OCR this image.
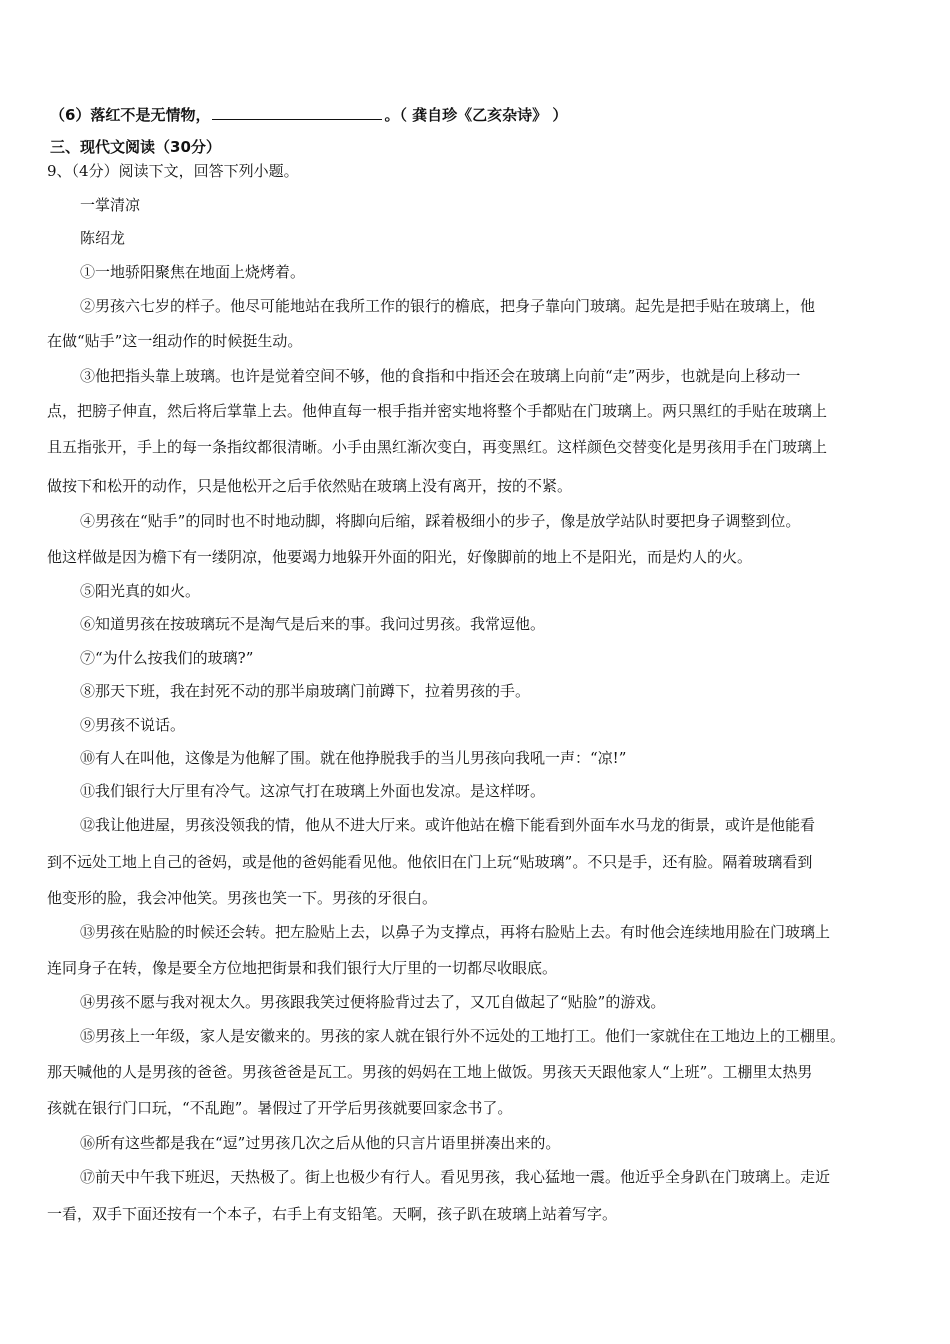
（6）落红不是无情物，	。（ 龚自珍《乙亥杂诗》 ）
三、现代文阅读（30分）
9、（4分）阅读下文，回答下列小题。
一掌清凉
陈绍龙
①一地骄阳聚焦在地面上烧烤着。
②男孩六七岁的样子。他尽可能地站在我所工作的银行的檐底，把身子靠向门玻璃。起先是把手贴在玻璃上，他
在做“贴手”这一组动作的时候挺生动。
③他把指头靠上玻璃。也许是觉着空间不够，他的食指和中指还会在玻璃上向前“走”两步，也就是向上移动一
点，把膀子伸直，然后将后掌靠上去。他伸直每一根手指并密实地将整个手都贴在门玻璃上。两只黑红的手贴在玻璃上
且五指张开，手上的每一条指纹都很清晰。小手由黑红渐次变白，再变黑红。这样颜色交替变化是男孩用手在门玻璃上
做按下和松开的动作，只是他松开之后手依然贴在玻璃上没有离开，按的不紧。
④男孩在“贴手”的同时也不时地动脚，将脚向后缩，踩着极细小的步子，像是放学站队时要把身子调整到位。
他这样做是因为檐下有一缕阴凉，他要竭力地躲开外面的阳光，好像脚前的地上不是阳光，而是灼人的火。
⑤阳光真的如火。
⑥知道男孩在按玻璃玩不是淘气是后来的事。我问过男孩。我常逗他。
⑦“为什么按我们的玻璃?”
⑧那天下班，我在封死不动的那半扇玻璃门前蹲下，拉着男孩的手。
⑨男孩不说话。
⑩有人在叫他，这像是为他解了围。就在他挣脱我手的当儿男孩向我吼一声：“凉!”
⑪我们银行大厅里有冷气。这凉气打在玻璃上外面也发凉。是这样呀。
⑫我让他进屋，男孩没领我的情，他从不进大厅来。或许他站在檐下能看到外面车水马龙的街景，或许是他能看
到不远处工地上自己的爸妈，或是他的爸妈能看见他。他依旧在门上玩“贴玻璃”。不只是手，还有脸。隔着玻璃看到
他变形的脸，我会冲他笑。男孩也笑一下。男孩的牙很白。
⑬男孩在贴脸的时候还会转。把左脸贴上去，以鼻子为支撑点，再将右脸贴上去。有时他会连续地用脸在门玻璃上
连同身子在转，像是要全方位地把街景和我们银行大厅里的一切都尽收眼底。
⑭男孩不愿与我对视太久。男孩跟我笑过便将脸背过去了，又兀自做起了“贴脸”的游戏。
⑮男孩上一年级，家人是安徽来的。男孩的家人就在银行外不远处的工地打工。他们一家就住在工地边上的工棚里。
那天喊他的人是男孩的爸爸。男孩爸爸是瓦工。男孩的妈妈在工地上做饭。男孩天天跟他家人“上班”。工棚里太热男
孩就在银行门口玩，“不乱跑”。暑假过了开学后男孩就要回家念书了。
⑯所有这些都是我在“逗”过男孩几次之后从他的只言片语里拼凑出来的。
⑰前天中午我下班迟，天热极了。街上也极少有行人。看见男孩，我心猛地一震。他近乎全身趴在门玻璃上。走近
一看，双手下面还按有一个本子，右手上有支铅笔。天啊，孩子趴在玻璃上站着写字。
